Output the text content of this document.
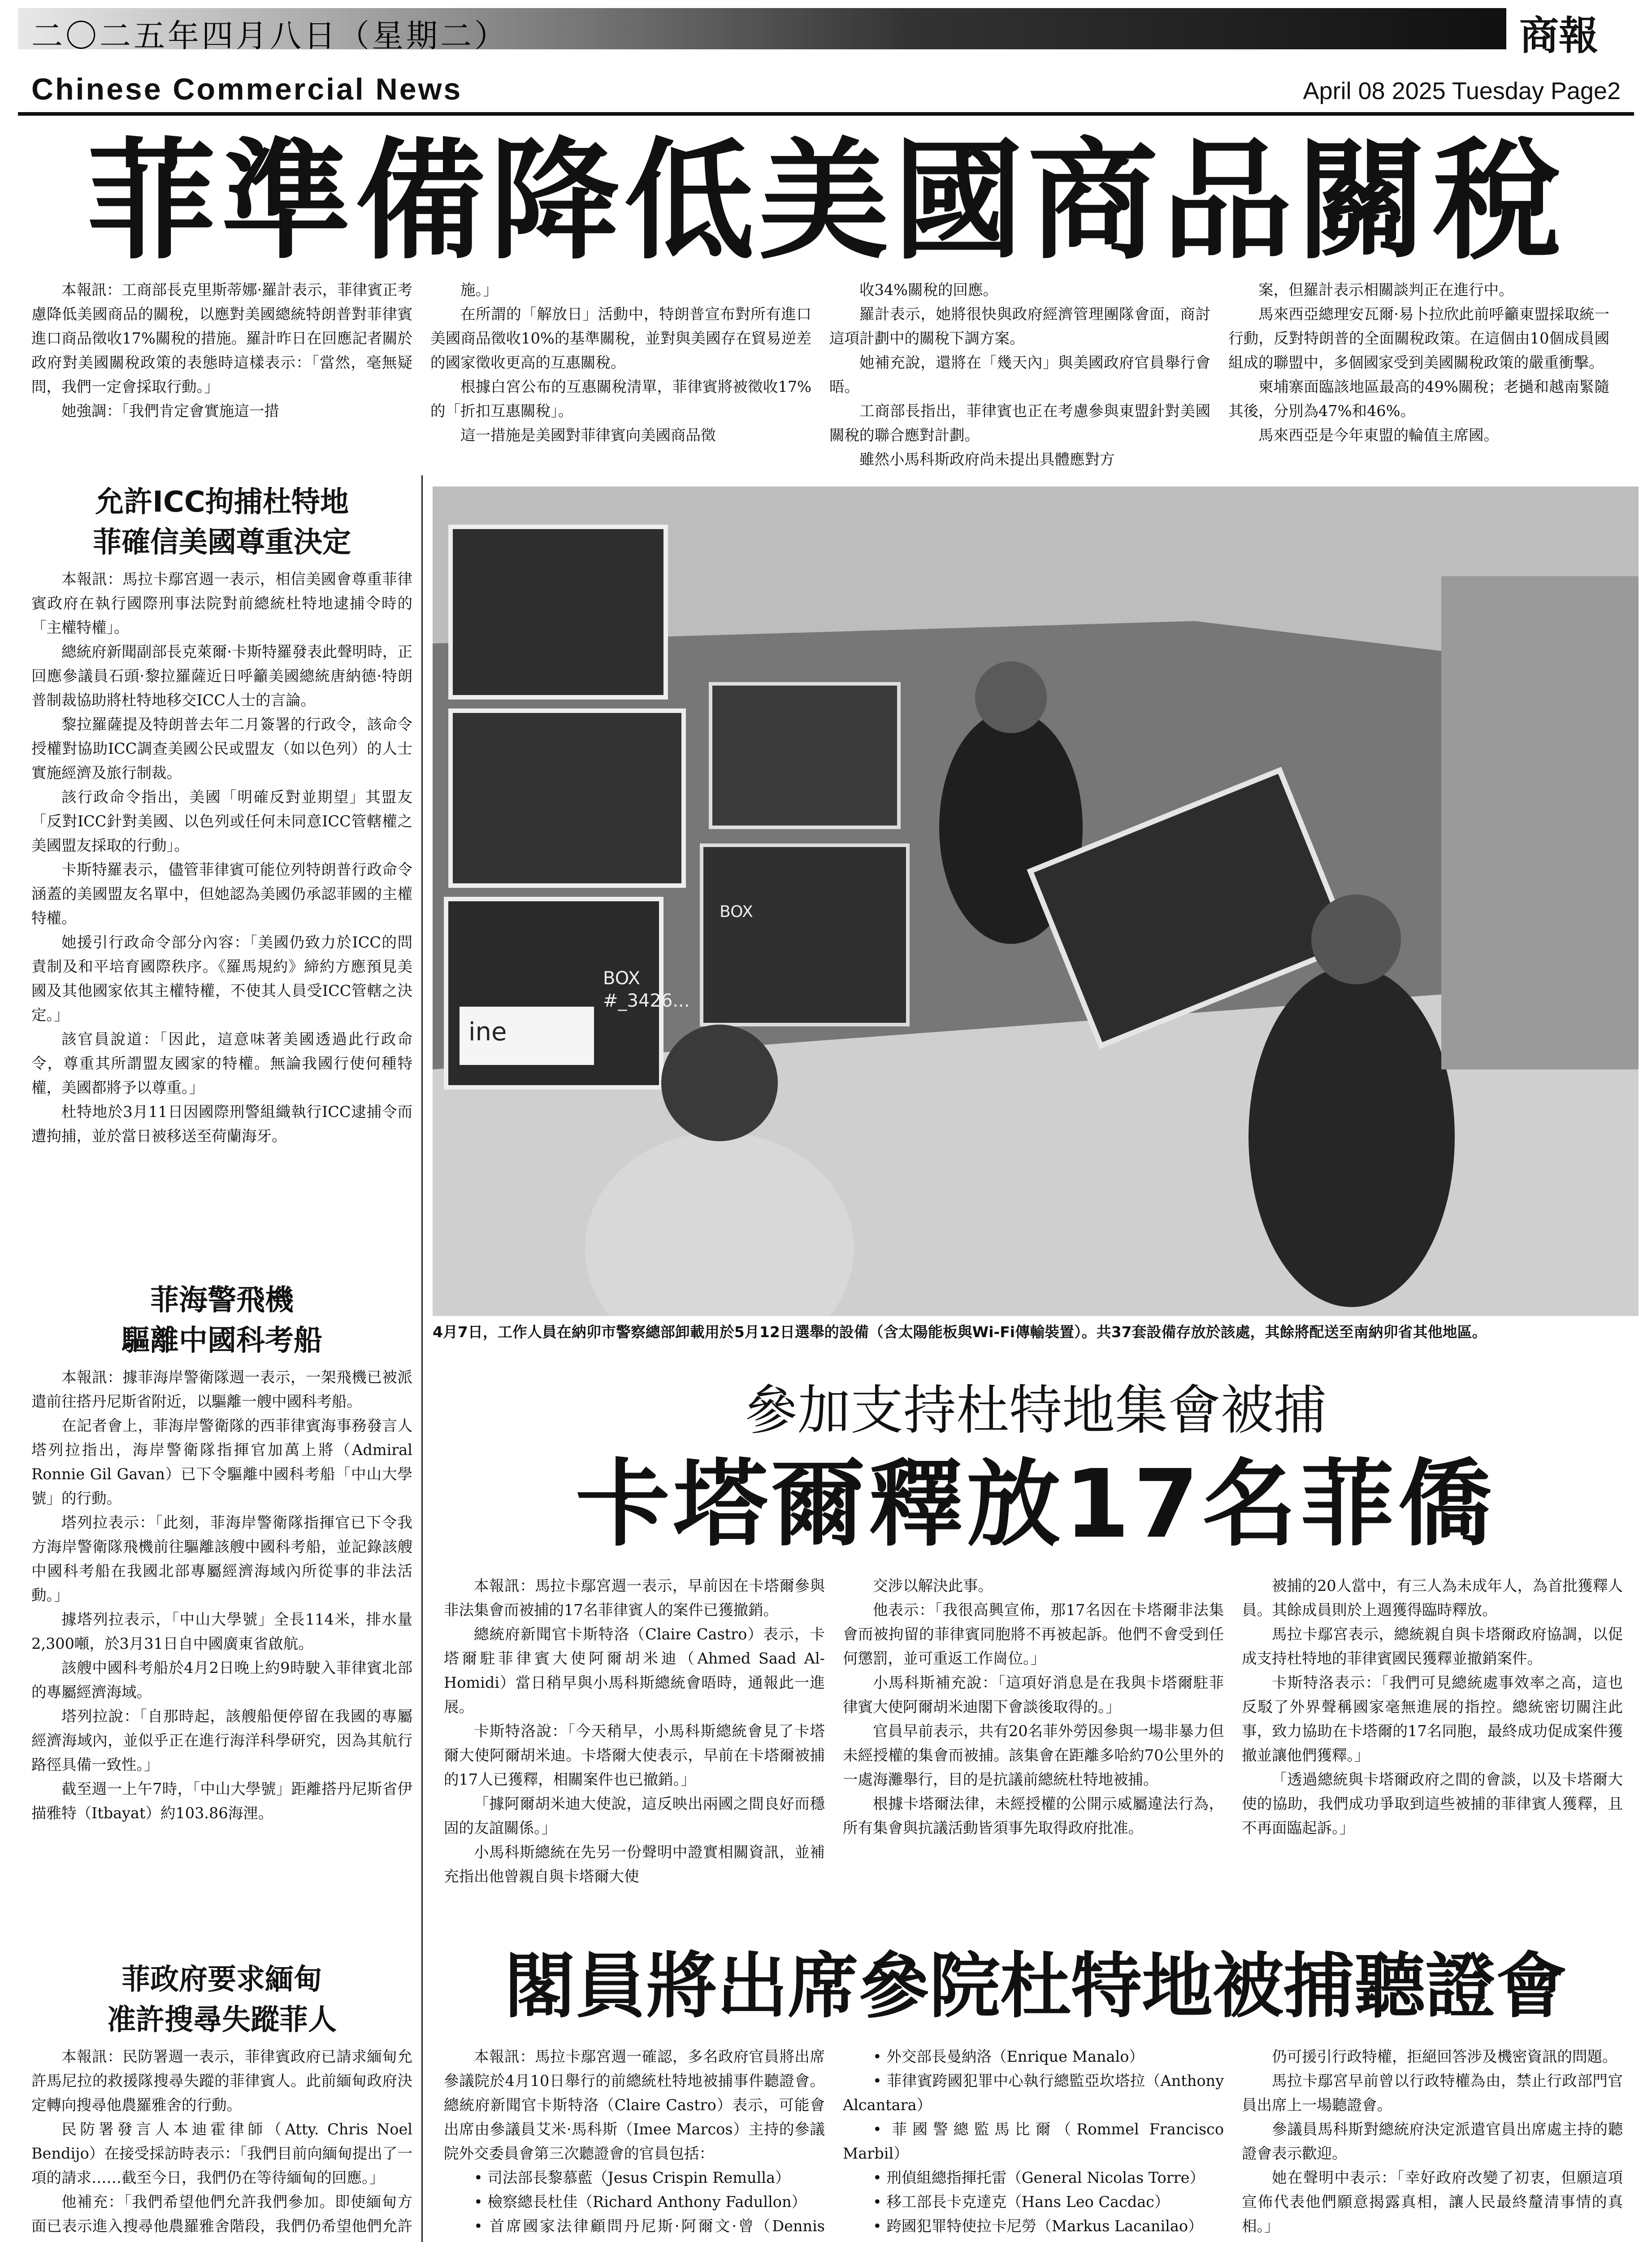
二〇二五年四月八日（星期二）	商報
Chinese Commercial News	April 08 2025 Tuesday Page2
菲準備降低美國商品關稅

本報訊：工商部長克里斯蒂娜·羅計表示，菲律賓正考慮降低美國商品的關稅，以應對美國總統特朗普對菲律賓進口商品徵收17%關稅的措施。羅計昨日在回應記者關於政府對美國關稅政策的表態時這樣表示：「當然，毫無疑問，我們一定會採取行動。」

她強調：「我們肯定會實施這一措

施。」

在所謂的「解放日」活動中，特朗普宣布對所有進口美國商品徵收10%的基準關稅，並對與美國存在貿易逆差的國家徵收更高的互惠關稅。

根據白宮公布的互惠關稅清單，菲律賓將被徵收17%的「折扣互惠關稅」。

這一措施是美國對菲律賓向美國商品徵

收34%關稅的回應。

羅計表示，她將很快與政府經濟管理團隊會面，商討這項計劃中的關稅下調方案。

她補充說，還將在「幾天內」與美國政府官員舉行會晤。

工商部長指出，菲律賓也正在考慮參與東盟針對美國關稅的聯合應對計劃。

雖然小馬科斯政府尚未提出具體應對方

案，但羅計表示相關談判正在進行中。

馬來西亞總理安瓦爾·易卜拉欣此前呼籲東盟採取統一行動，反對特朗普的全面關稅政策。在這個由10個成員國組成的聯盟中，多個國家受到美國關稅政策的嚴重衝擊。

柬埔寨面臨該地區最高的49%關稅；老撾和越南緊隨其後，分別為47%和46%。

馬來西亞是今年東盟的輪值主席國。

允許ICC拘捕杜特地
菲確信美國尊重決定

本報訊：馬拉卡鄢宮週一表示，相信美國會尊重菲律賓政府在執行國際刑事法院對前總統杜特地逮捕令時的「主權特權」。

總統府新聞副部長克萊爾·卡斯特羅發表此聲明時，正回應參議員石頭·黎拉羅薩近日呼籲美國總統唐納德·特朗普制裁協助將杜特地移交ICC人士的言論。

黎拉羅薩提及特朗普去年二月簽署的行政令，該命令授權對協助ICC調查美國公民或盟友（如以色列）的人士實施經濟及旅行制裁。

該行政命令指出，美國「明確反對並期望」其盟友「反對ICC針對美國、以色列或任何未同意ICC管轄權之美國盟友採取的行動」。

卡斯特羅表示，儘管菲律賓可能位列特朗普行政命令涵蓋的美國盟友名單中，但她認為美國仍承認菲國的主權特權。

她援引行政命令部分內容：「美國仍致力於ICC的問責制及和平培育國際秩序。《羅馬規約》締約方應預見美國及其他國家依其主權特權，不使其人員受ICC管轄之決定。」

該官員說道：「因此，這意味著美國透過此行政命令，尊重其所謂盟友國家的特權。無論我國行使何種特權，美國都將予以尊重。」

杜特地於3月11日因國際刑警組織執行ICC逮捕令而遭拘捕，並於當日被移送至荷蘭海牙。

菲海警飛機
驅離中國科考船

本報訊：據菲海岸警衛隊週一表示，一架飛機已被派遣前往搭丹尼斯省附近，以驅離一艘中國科考船。

在記者會上，菲海岸警衛隊的西菲律賓海事務發言人塔列拉指出，海岸警衛隊指揮官加萬上將（Admiral Ronnie Gil Gavan）已下令驅離中國科考船「中山大學號」的行動。

塔列拉表示：「此刻，菲海岸警衛隊指揮官已下令我方海岸警衛隊飛機前往驅離該艘中國科考船，並記錄該艘中國科考船在我國北部專屬經濟海域內所從事的非法活動。」

據塔列拉表示，「中山大學號」全長114米，排水量2,300噸，於3月31日自中國廣東省啟航。

該艘中國科考船於4月2日晚上約9時駛入菲律賓北部的專屬經濟海域。

塔列拉說：「自那時起，該艘船便停留在我國的專屬經濟海域內，並似乎正在進行海洋科學研究，因為其航行路徑具備一致性。」

截至週一上午7時，「中山大學號」距離搭丹尼斯省伊描雅特（Itbayat）約103.86海浬。

菲政府要求緬甸
准許搜尋失蹤菲人

本報訊：民防署週一表示，菲律賓政府已請求緬甸允許馬尼拉的救援隊搜尋失蹤的菲律賓人。此前緬甸政府決定轉向搜尋他農羅雅舍的行動。

民防署發言人本迪霍律師（Atty. Chris Noel Bendijo）在接受採訪時表示：「我們目前向緬甸提出了一項的請求……截至今日，我們仍在等待緬甸的回應。」

他補充：「我們希望他們允許我們參加。即使緬甸方面已表示進入搜尋他農羅雅舍階段，我們仍希望他們允許

ine
BOX
#_3426...
BOX
4月7日，工作人員在納卯市警察總部卸載用於5月12日選舉的設備（含太陽能板與Wi-Fi傳輸裝置）。共37套設備存放於該處，其餘將配送至南納卯省其他地區。
參加支持杜特地集會被捕
卡塔爾釋放17名菲僑

本報訊：馬拉卡鄢宮週一表示，早前因在卡塔爾參與非法集會而被捕的17名菲律賓人的案件已獲撤銷。

總統府新聞官卡斯特洛（Claire Castro）表示，卡塔爾駐菲律賓大使阿爾胡米迪（Ahmed Saad Al-Homidi）當日稍早與小馬科斯總統會晤時，通報此一進展。

卡斯特洛說：「今天稍早，小馬科斯總統會見了卡塔爾大使阿爾胡米迪。卡塔爾大使表示，早前在卡塔爾被捕的17人已獲釋，相關案件也已撤銷。」

「據阿爾胡米迪大使說，這反映出兩國之間良好而穩固的友誼關係。」

小馬科斯總統在先另一份聲明中證實相關資訊，並補充指出他曾親自與卡塔爾大使

交涉以解決此事。

他表示：「我很高興宣佈，那17名因在卡塔爾非法集會而被拘留的菲律賓同胞將不再被起訴。他們不會受到任何懲罰，並可重返工作崗位。」

小馬科斯補充說：「這項好消息是在我與卡塔爾駐菲律賓大使阿爾胡米迪閣下會談後取得的。」

官員早前表示，共有20名菲外勞因參與一場非暴力但未經授權的集會而被捕。該集會在距離多哈約70公里外的一處海灘舉行，目的是抗議前總統杜特地被捕。

根據卡塔爾法律，未經授權的公開示威屬違法行為，所有集會與抗議活動皆須事先取得政府批准。

被捕的20人當中，有三人為未成年人，為首批獲釋人員。其餘成員則於上週獲得臨時釋放。

馬拉卡鄢宮表示，總統親自與卡塔爾政府協調，以促成支持杜特地的菲律賓國民獲釋並撤銷案件。

卡斯特洛表示：「我們可見總統處事效率之高，這也反駁了外界聲稱國家毫無進展的指控。總統密切關注此事，致力協助在卡塔爾的17名同胞，最終成功促成案件獲撤並讓他們獲釋。」

「透過總統與卡塔爾政府之間的會談，以及卡塔爾大使的協助，我們成功爭取到這些被捕的菲律賓人獲釋，且不再面臨起訴。」

閣員將出席參院杜特地被捕聽證會

本報訊：馬拉卡鄢宮週一確認，多名政府官員將出席參議院於4月10日舉行的前總統杜特地被捕事件聽證會。總統府新聞官卡斯特洛（Claire Castro）表示，可能會出席由參議員艾米·馬科斯（Imee Marcos）主持的參議院外交委員會第三次聽證會的官員包括：

• 司法部長黎慕藍（Jesus Crispin Remulla）

• 檢察總長杜佳（Richard Anthony Fadullon）

• 首席國家法律顧問丹尼斯·阿爾文·曾（Dennis

• 外交部長曼納洛（Enrique Manalo）

• 菲律賓跨國犯罪中心執行總監亞坎塔拉（Anthony Alcantara）

• 菲國警總監馬比爾（Rommel Francisco Marbil）

• 刑偵組總指揮托雷（General Nicolas Torre）

• 移工部長卡克達克（Hans Leo Cacdac）

• 跨國犯罪特使拉卡尼勞（Markus Lacanilao）

仍可援引行政特權，拒絕回答涉及機密資訊的問題。

馬拉卡鄢宮早前曾以行政特權為由，禁止行政部門官員出席上一場聽證會。

參議員馬科斯對總統府決定派遣官員出席處主持的聽證會表示歡迎。

她在聲明中表示：「幸好政府改變了初衷，但願這項宣佈代表他們願意揭露真相，讓人民最終釐清事情的真相。」
